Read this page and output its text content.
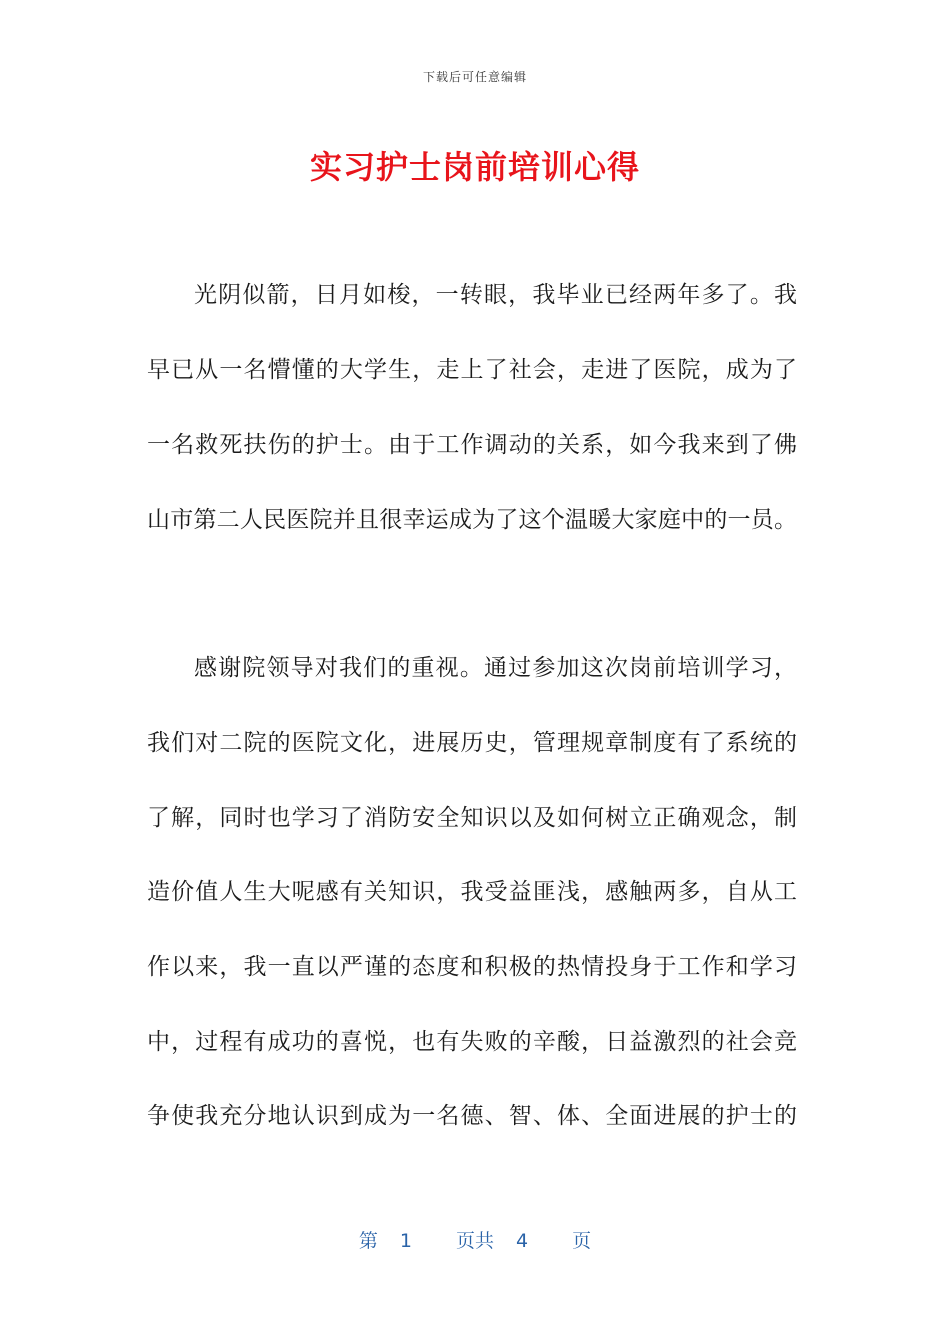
下载后可任意编辑
实习护士岗前培训心得
光阴似箭，日月如梭，一转眼，我毕业已经两年多了。我
早已从一名懵懂的大学生，走上了社会，走进了医院，成为了
一名救死扶伤的护士。由于工作调动的关系，如今我来到了佛
山市第二人民医院并且很幸运成为了这个温暖大家庭中的一员。
感谢院领导对我们的重视。通过参加这次岗前培训学习，
我们对二院的医院文化，进展历史，管理规章制度有了系统的
了解，同时也学习了消防安全知识以及如何树立正确观念，制
造价值人生大呢感有关知识，我受益匪浅，感触两多，自从工
作以来，我一直以严谨的态度和积极的热情投身于工作和学习
中，过程有成功的喜悦，也有失败的辛酸，日益激烈的社会竞
争使我充分地认识到成为一名德、智、体、全面进展的护士的
第 1 页共 4 页
